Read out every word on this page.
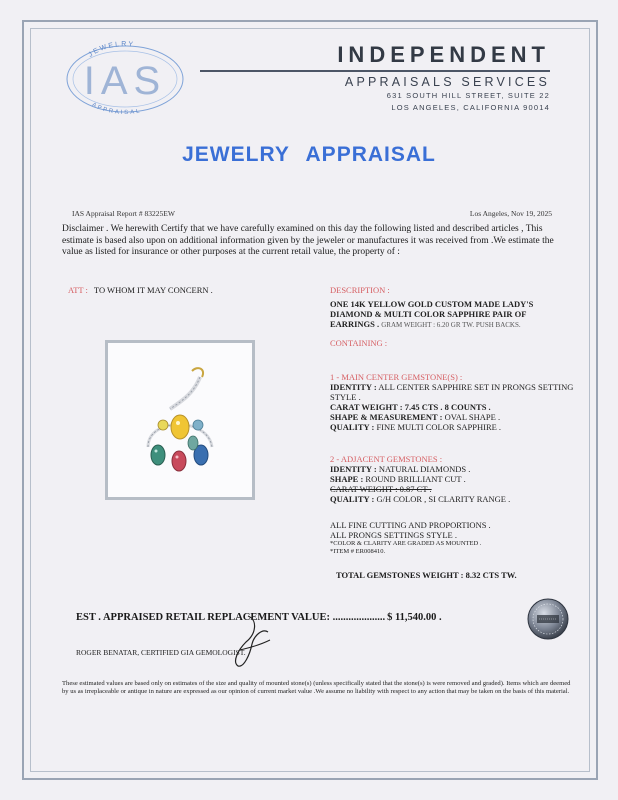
JEWELRY
APPRAISAL
IAS
INDEPENDENT
APPRAISALS SERVICES
631 SOUTH HILL STREET, SUITE 22
LOS ANGELES, CALIFORNIA 90014
JEWELRY APPRAISAL
IAS Appraisal Report # 83225EW	Los Angeles, Nov 19, 2025
Disclaimer . We herewith Certify that we have carefully examined on this day the following listed and described articles , This estimate is based also upon on additional information given by the jeweler or manufactures it was received from .We estimate the value as listed for insurance or other purposes at the current retail value, the property of :
ATT : TO WHOM IT MAY CONCERN .	DESCRIPTION :
ONE 14K YELLOW GOLD CUSTOM MADE LADY'S DIAMOND & MULTI COLOR SAPPHIRE PAIR OF EARRINGS . GRAM WEIGHT : 6.20 GR TW. PUSH BACKS.
CONTAINING :
1 - MAIN CENTER GEMSTONE(S) :
IDENTITY : ALL CENTER SAPPHIRE SET IN PRONGS SETTING STYLE .
CARAT WEIGHT : 7.45 CTS . 8 COUNTS .
SHAPE & MEASUREMENT : OVAL SHAPE .
QUALITY : FINE MULTI COLOR SAPPHIRE .
2 - ADJACENT GEMSTONES :
IDENTITY : NATURAL DIAMONDS .
SHAPE : ROUND BRILLIANT CUT .
CARAT WEIGHT : 0.87 CT .
QUALITY : G/H COLOR , SI CLARITY RANGE .
ALL FINE CUTTING AND PROPORTIONS .
ALL PRONGS SETTINGS STYLE .
*COLOR & CLARITY ARE GRADED AS MOUNTED .
*ITEM # ER008410.
TOTAL GEMSTONES WEIGHT : 8.32 CTS TW.
EST . APPRAISED RETAIL REPLACEMENT VALUE: .................... $ 11,540.00 .
ROGER BENATAR, CERTIFIED GIA GEMOLOGIST.
These estimated values are based only on estimates of the size and quality of mounted stone(s) (unless specifically stated that the stone(s) is were removed and graded). Items which are deemed by us as irreplaceable or antique in nature are expressed as our opinion of current market value .We assume no liability with respect to any action that may be taken on the basis of this material.
